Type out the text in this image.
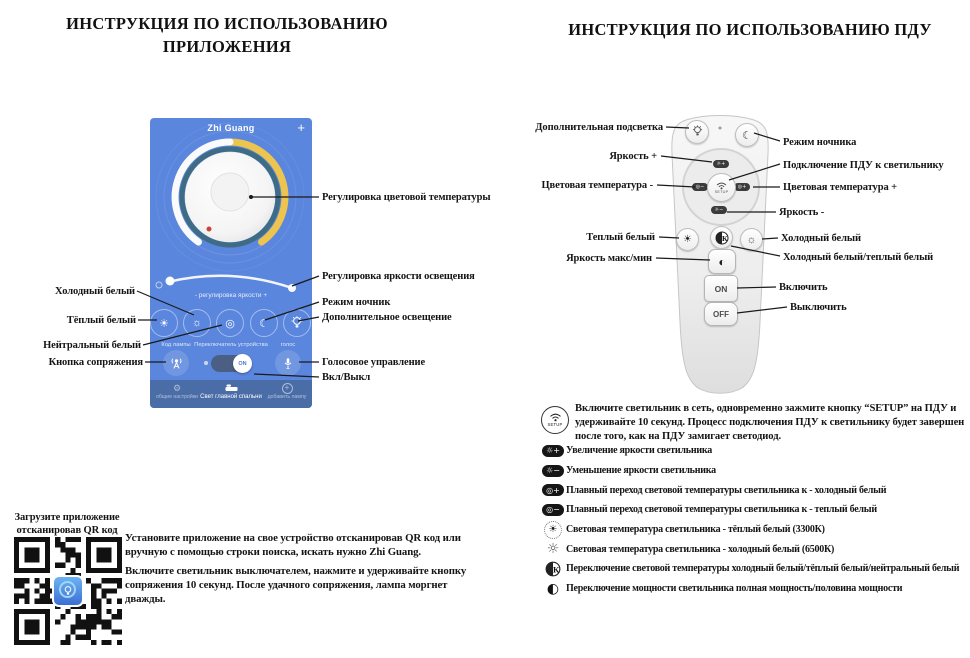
ИНСТРУКЦИЯ ПО ИСПОЛЬЗОВАНИЮ
ПРИЛОЖЕНИЯ
ИНСТРУКЦИЯ ПО ИСПОЛЬЗОВАНИЮ ПДУ
Zhi Guang	+
- регулировка яркости +
☀ ☼ ◎ ☾
Код лампы Переключатель устройства	голос
ON
⚙
общие настройки Свет главной спальни
+
добавить лампу
Холодный белый
Тёплый белый
Нейтральный белый
Кнопка сопряжения
Регулировка цветовой температуры
Регулировка яркости освещения
Режим ночник
Дополнительное освещение
Голосовое управление
Вкл/Выкл
Загрузите приложение
отсканировав QR код

Установите приложение на свое устройство отсканировав QR код или вручную с помощью строки поиска, искать нужно Zhi Guang.

Включите светильник выключателем, нажмите и удерживайте кнопку сопряжения 10 секунд. После удачного сопряжения, лампа моргнет дважды.

☾
☼+
◎−	◎+
☼−
SETUP
☀	К ☼
◐
ON
OFF
Дополнительная подсветка
Яркость +
Цветовая температура -
Теплый белый
Яркость макс/мин
Режим ночника
Подключение ПДУ к светильнику
Цветовая температура +
Яркость -
Холодный белый
Холодный белый/теплый белый
Включить
Выключить
SETUP

Включите светильник в сеть, одновременно зажмите кнопку “SETUP” на ПДУ и удерживайте 10 секунд. Процесс подключения ПДУ к светильнику будет завершен после того, как на ПДУ замигает светодиод.

☼+ Увеличение яркости светильника
☼− Уменьшение яркости светильника
◎+ Плавный переход световой температуры светильника к - холодный белый
◎− Плавный переход световой температуры светильника к - теплый белый
☀ Световая температура светильника - тёплый белый (3300К)
☼ Световая температура светильника - холодный белый (6500К)
К Переключение световой температуры холодный белый/тёплый белый/нейтральный белый
◐ Переключение мощности светильника полная мощность/половина мощности
